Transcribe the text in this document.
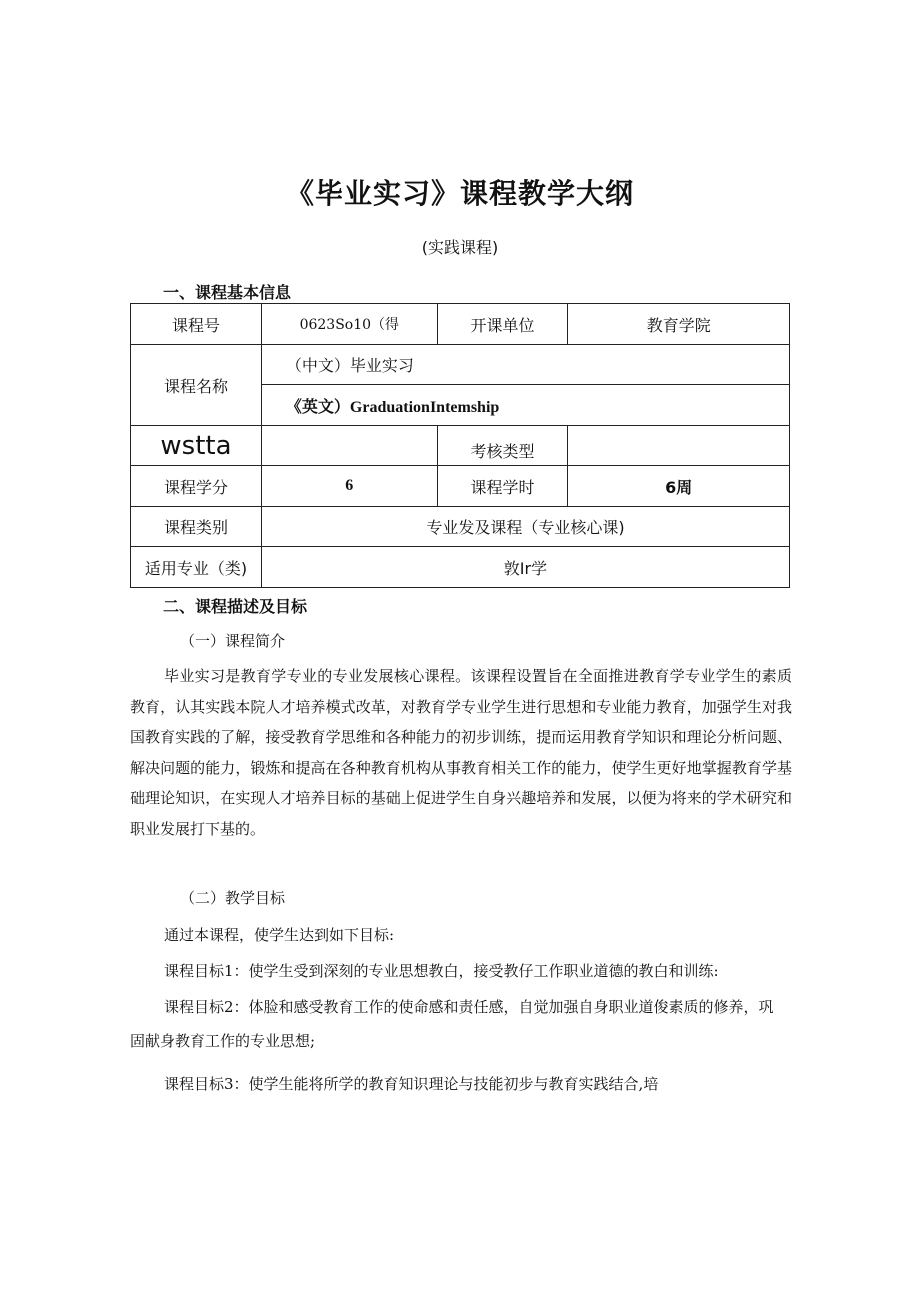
《毕业实习》课程教学大纲
(实践课程)
一、课程基本信息
课程号	0623So10（得	开课单位	教育学院
课程名称	（中文）毕业实习		
	《英文）GraduationIntemship		
wstta		考核类型	
课程学分	6	课程学时	6周
课程类别	专业发及课程（专业核心课)		
适用专业（类)	敦Ir学		
二、课程描述及目标
（一）课程简介

毕业实习是教育学专业的专业发展核心课程。该课程设置旨在全面推进教育学专业学生的素质教育，认其实践本院人才培养模式改革，对教育学专业学生进行思想和专业能力教育，加强学生对我国教育实践的了解，接受教育学思维和各种能力的初步训练，提而运用教育学知识和理论分析问题、解决问题的能力，锻炼和提高在各种教育机构从事教育相关工作的能力，使学生更好地掌握教育学基础理论知识，在实现人才培养目标的基础上促进学生自身兴趣培养和发展，以便为将来的学术研究和职业发展打下基的。

（二）教学目标
通过本课程，使学生达到如下目标:
课程目标1：使学生受到深刻的专业思想教白，接受教仔工作职业道德的教白和训练:
课程目标2：体脸和感受教育工作的使命感和责任感，自觉加强自身职业道俊素质的修养，巩
固献身教育工作的专业思想;
课程目标3：使学生能将所学的教育知识理论与技能初步与教育实践结合,培
